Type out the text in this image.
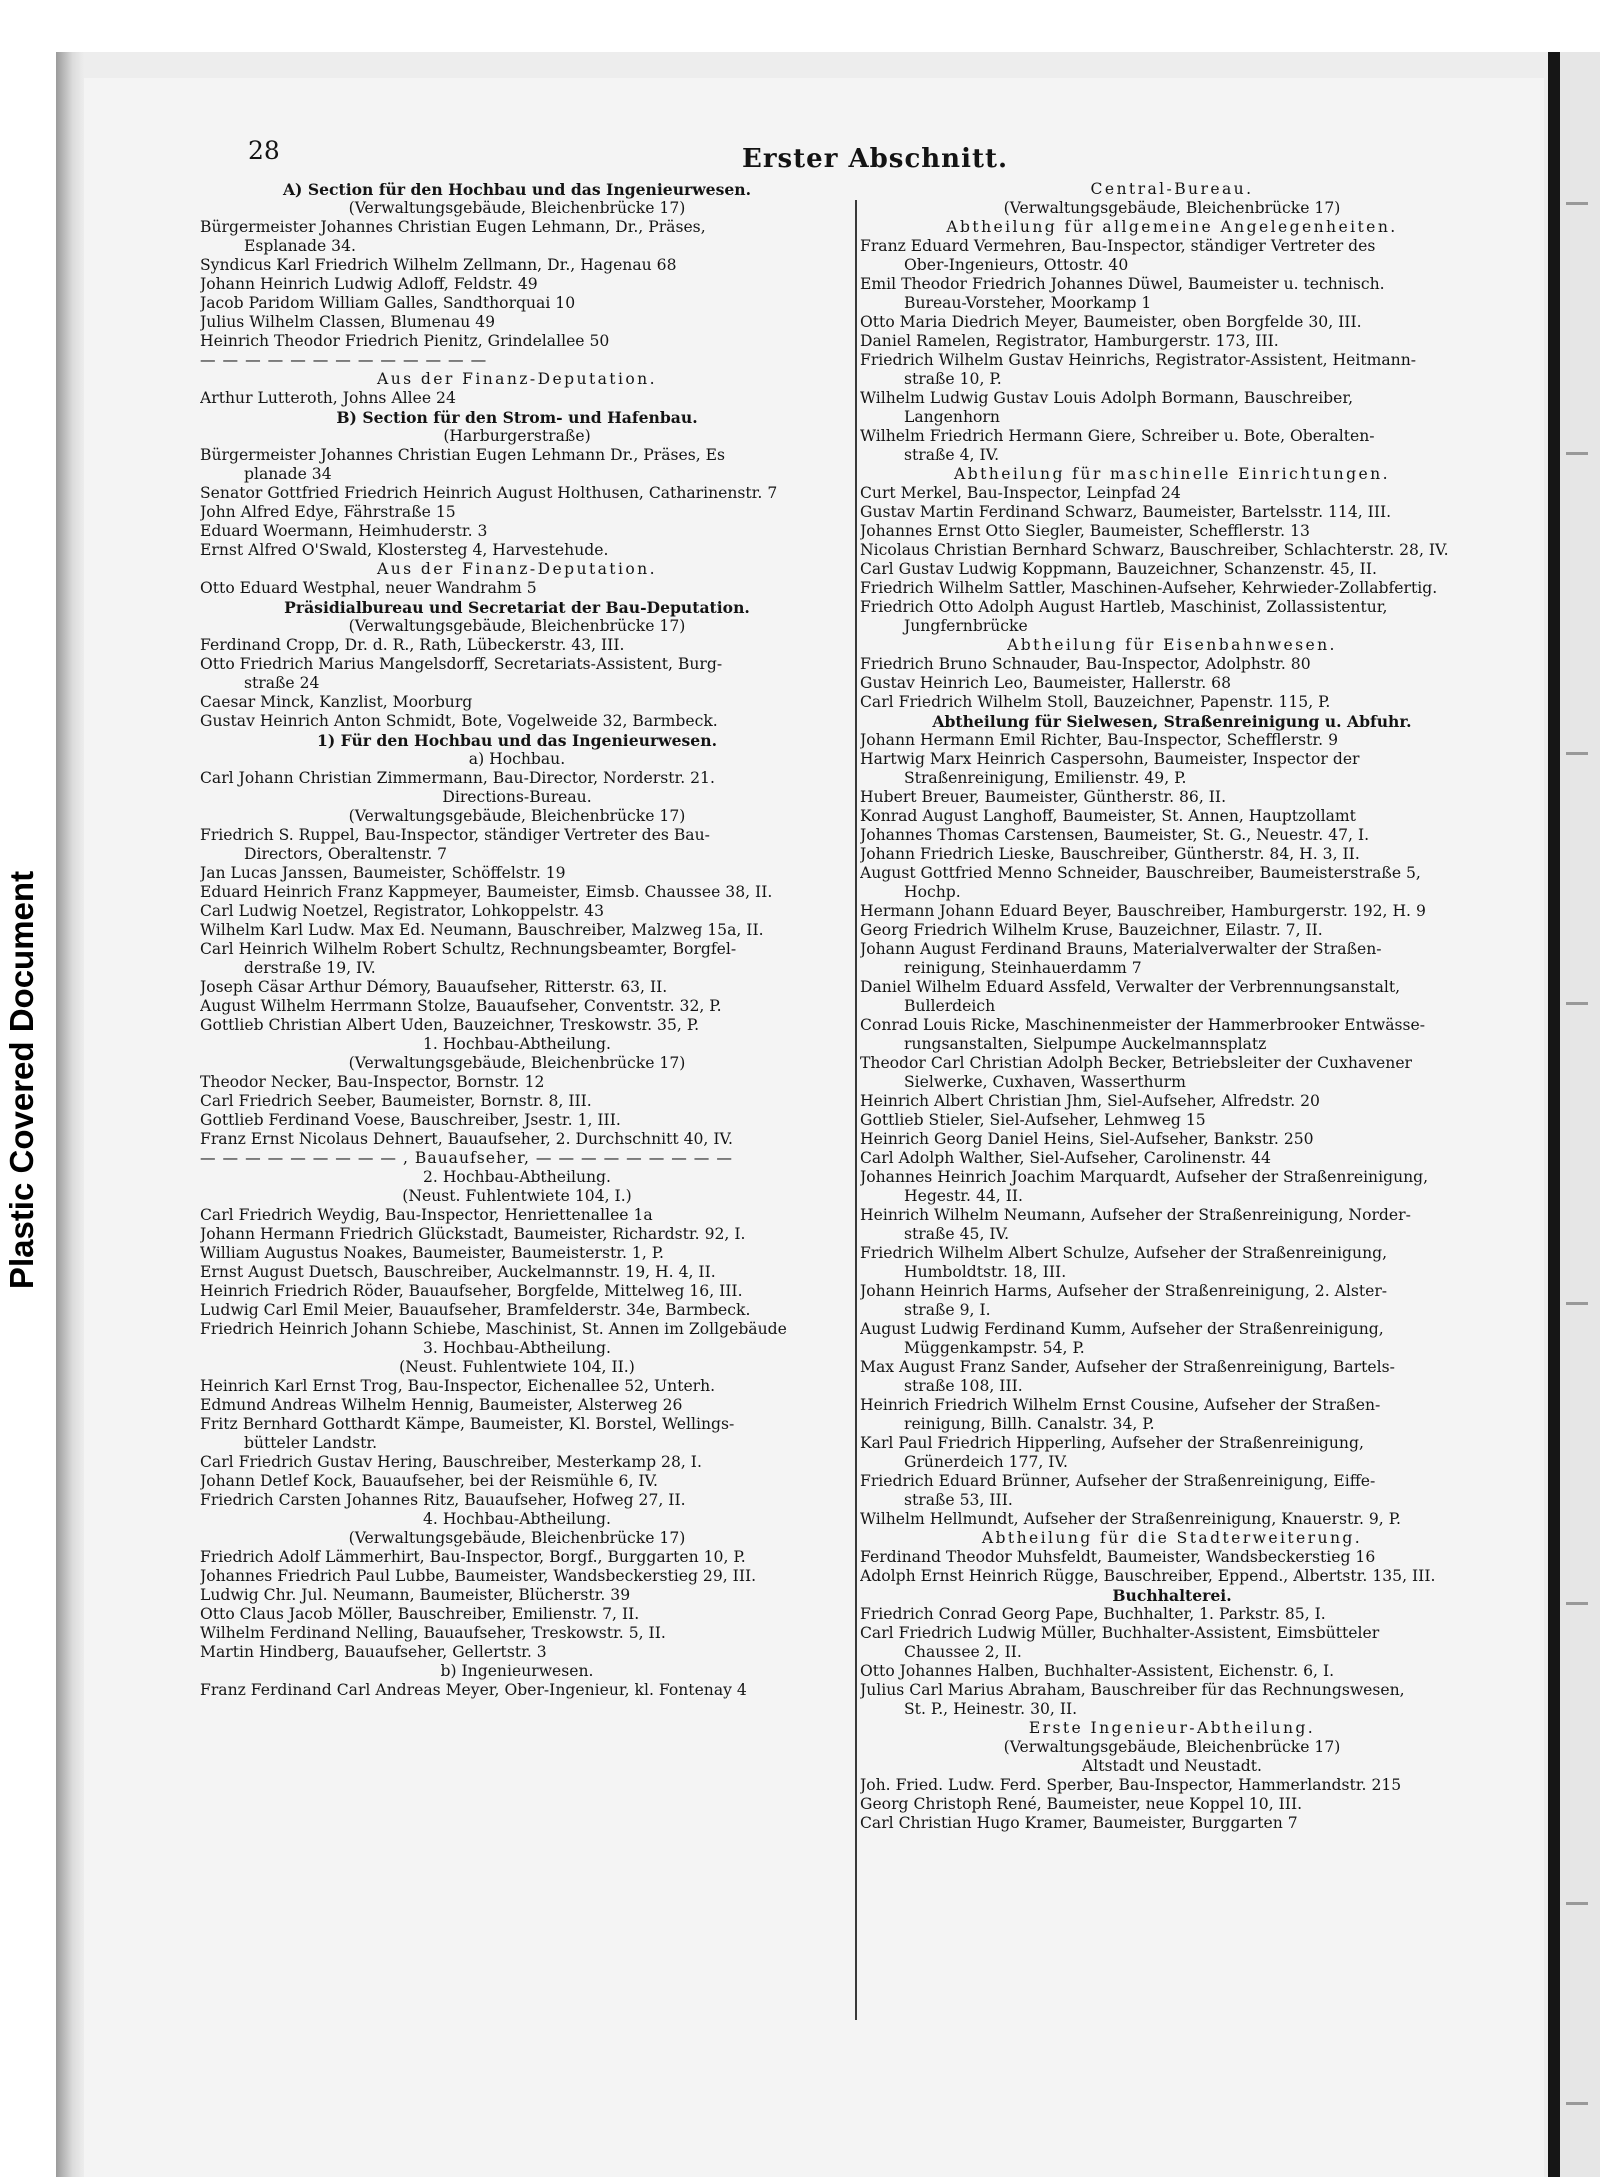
Plastic Covered Document
28	Erster Abschnitt.
A) Section für den Hochbau und das Ingenieurwesen.
(Verwaltungsgebäude, Bleichenbrücke 17)
Bürgermeister Johannes Christian Eugen Lehmann, Dr., Präses,
Esplanade 34.
Syndicus Karl Friedrich Wilhelm Zellmann, Dr., Hagenau 68
Johann Heinrich Ludwig Adloff, Feldstr. 49
Jacob Paridom William Galles, Sandthorquai 10
Julius Wilhelm Classen, Blumenau 49
Heinrich Theodor Friedrich Pienitz, Grindelallee 50
— — — — — — — — — — — — —
Aus der Finanz-Deputation.
Arthur Lutteroth, Johns Allee 24
B) Section für den Strom- und Hafenbau.
(Harburgerstraße)
Bürgermeister Johannes Christian Eugen Lehmann Dr., Präses, Es
planade 34
Senator Gottfried Friedrich Heinrich August Holthusen, Catharinenstr. 7
John Alfred Edye, Fährstraße 15
Eduard Woermann, Heimhuderstr. 3
Ernst Alfred O'Swald, Klostersteg 4, Harvestehude.
Aus der Finanz-Deputation.
Otto Eduard Westphal, neuer Wandrahm 5
Präsidialbureau und Secretariat der Bau-Deputation.
(Verwaltungsgebäude, Bleichenbrücke 17)
Ferdinand Cropp, Dr. d. R., Rath, Lübeckerstr. 43, III.
Otto Friedrich Marius Mangelsdorff, Secretariats-Assistent, Burg-
straße 24
Caesar Minck, Kanzlist, Moorburg
Gustav Heinrich Anton Schmidt, Bote, Vogelweide 32, Barmbeck.
1) Für den Hochbau und das Ingenieurwesen.
a) Hochbau.
Carl Johann Christian Zimmermann, Bau-Director, Norderstr. 21.
Directions-Bureau.
(Verwaltungsgebäude, Bleichenbrücke 17)
Friedrich S. Ruppel, Bau-Inspector, ständiger Vertreter des Bau-
Directors, Oberaltenstr. 7
Jan Lucas Janssen, Baumeister, Schöffelstr. 19
Eduard Heinrich Franz Kappmeyer, Baumeister, Eimsb. Chaussee 38, II.
Carl Ludwig Noetzel, Registrator, Lohkoppelstr. 43
Wilhelm Karl Ludw. Max Ed. Neumann, Bauschreiber, Malzweg 15a, II.
Carl Heinrich Wilhelm Robert Schultz, Rechnungsbeamter, Borgfel-
derstraße 19, IV.
Joseph Cäsar Arthur Démory, Bauaufseher, Ritterstr. 63, II.
August Wilhelm Herrmann Stolze, Bauaufseher, Conventstr. 32, P.
Gottlieb Christian Albert Uden, Bauzeichner, Treskowstr. 35, P.
1. Hochbau-Abtheilung.
(Verwaltungsgebäude, Bleichenbrücke 17)
Theodor Necker, Bau-Inspector, Bornstr. 12
Carl Friedrich Seeber, Baumeister, Bornstr. 8, III.
Gottlieb Ferdinand Voese, Bauschreiber, Jsestr. 1, III.
Franz Ernst Nicolaus Dehnert, Bauaufseher, 2. Durchschnitt 40, IV.
— — — — — — — — — , Bauaufseher, — — — — — — — — —
2. Hochbau-Abtheilung.
(Neust. Fuhlentwiete 104, I.)
Carl Friedrich Weydig, Bau-Inspector, Henriettenallee 1a
Johann Hermann Friedrich Glückstadt, Baumeister, Richardstr. 92, I.
William Augustus Noakes, Baumeister, Baumeisterstr. 1, P.
Ernst August Duetsch, Bauschreiber, Auckelmannstr. 19, H. 4, II.
Heinrich Friedrich Röder, Bauaufseher, Borgfelde, Mittelweg 16, III.
Ludwig Carl Emil Meier, Bauaufseher, Bramfelderstr. 34e, Barmbeck.
Friedrich Heinrich Johann Schiebe, Maschinist, St. Annen im Zollgebäude
3. Hochbau-Abtheilung.
(Neust. Fuhlentwiete 104, II.)
Heinrich Karl Ernst Trog, Bau-Inspector, Eichenallee 52, Unterh.
Edmund Andreas Wilhelm Hennig, Baumeister, Alsterweg 26
Fritz Bernhard Gotthardt Kämpe, Baumeister, Kl. Borstel, Wellings-
bütteler Landstr.
Carl Friedrich Gustav Hering, Bauschreiber, Mesterkamp 28, I.
Johann Detlef Kock, Bauaufseher, bei der Reismühle 6, IV.
Friedrich Carsten Johannes Ritz, Bauaufseher, Hofweg 27, II.
4. Hochbau-Abtheilung.
(Verwaltungsgebäude, Bleichenbrücke 17)
Friedrich Adolf Lämmerhirt, Bau-Inspector, Borgf., Burggarten 10, P.
Johannes Friedrich Paul Lubbe, Baumeister, Wandsbeckerstieg 29, III.
Ludwig Chr. Jul. Neumann, Baumeister, Blücherstr. 39
Otto Claus Jacob Möller, Bauschreiber, Emilienstr. 7, II.
Wilhelm Ferdinand Nelling, Bauaufseher, Treskowstr. 5, II.
Martin Hindberg, Bauaufseher, Gellertstr. 3
b) Ingenieurwesen.
Franz Ferdinand Carl Andreas Meyer, Ober-Ingenieur, kl. Fontenay 4
Central-Bureau.
(Verwaltungsgebäude, Bleichenbrücke 17)
Abtheilung für allgemeine Angelegenheiten.
Franz Eduard Vermehren, Bau-Inspector, ständiger Vertreter des
Ober-Ingenieurs, Ottostr. 40
Emil Theodor Friedrich Johannes Düwel, Baumeister u. technisch.
Bureau-Vorsteher, Moorkamp 1
Otto Maria Diedrich Meyer, Baumeister, oben Borgfelde 30, III.
Daniel Ramelen, Registrator, Hamburgerstr. 173, III.
Friedrich Wilhelm Gustav Heinrichs, Registrator-Assistent, Heitmann-
straße 10, P.
Wilhelm Ludwig Gustav Louis Adolph Bormann, Bauschreiber,
Langenhorn
Wilhelm Friedrich Hermann Giere, Schreiber u. Bote, Oberalten-
straße 4, IV.
Abtheilung für maschinelle Einrichtungen.
Curt Merkel, Bau-Inspector, Leinpfad 24
Gustav Martin Ferdinand Schwarz, Baumeister, Bartelsstr. 114, III.
Johannes Ernst Otto Siegler, Baumeister, Schefflerstr. 13
Nicolaus Christian Bernhard Schwarz, Bauschreiber, Schlachterstr. 28, IV.
Carl Gustav Ludwig Koppmann, Bauzeichner, Schanzenstr. 45, II.
Friedrich Wilhelm Sattler, Maschinen-Aufseher, Kehrwieder-Zollabfertig.
Friedrich Otto Adolph August Hartleb, Maschinist, Zollassistentur,
Jungfernbrücke
Abtheilung für Eisenbahnwesen.
Friedrich Bruno Schnauder, Bau-Inspector, Adolphstr. 80
Gustav Heinrich Leo, Baumeister, Hallerstr. 68
Carl Friedrich Wilhelm Stoll, Bauzeichner, Papenstr. 115, P.
Abtheilung für Sielwesen, Straßenreinigung u. Abfuhr.
Johann Hermann Emil Richter, Bau-Inspector, Schefflerstr. 9
Hartwig Marx Heinrich Caspersohn, Baumeister, Inspector der
Straßenreinigung, Emilienstr. 49, P.
Hubert Breuer, Baumeister, Güntherstr. 86, II.
Konrad August Langhoff, Baumeister, St. Annen, Hauptzollamt
Johannes Thomas Carstensen, Baumeister, St. G., Neuestr. 47, I.
Johann Friedrich Lieske, Bauschreiber, Güntherstr. 84, H. 3, II.
August Gottfried Menno Schneider, Bauschreiber, Baumeisterstraße 5,
Hochp.
Hermann Johann Eduard Beyer, Bauschreiber, Hamburgerstr. 192, H. 9
Georg Friedrich Wilhelm Kruse, Bauzeichner, Eilastr. 7, II.
Johann August Ferdinand Brauns, Materialverwalter der Straßen-
reinigung, Steinhauerdamm 7
Daniel Wilhelm Eduard Assfeld, Verwalter der Verbrennungsanstalt,
Bullerdeich
Conrad Louis Ricke, Maschinenmeister der Hammerbrooker Entwässe-
rungsanstalten, Sielpumpe Auckelmannsplatz
Theodor Carl Christian Adolph Becker, Betriebsleiter der Cuxhavener
Sielwerke, Cuxhaven, Wasserthurm
Heinrich Albert Christian Jhm, Siel-Aufseher, Alfredstr. 20
Gottlieb Stieler, Siel-Aufseher, Lehmweg 15
Heinrich Georg Daniel Heins, Siel-Aufseher, Bankstr. 250
Carl Adolph Walther, Siel-Aufseher, Carolinenstr. 44
Johannes Heinrich Joachim Marquardt, Aufseher der Straßenreinigung,
Hegestr. 44, II.
Heinrich Wilhelm Neumann, Aufseher der Straßenreinigung, Norder-
straße 45, IV.
Friedrich Wilhelm Albert Schulze, Aufseher der Straßenreinigung,
Humboldtstr. 18, III.
Johann Heinrich Harms, Aufseher der Straßenreinigung, 2. Alster-
straße 9, I.
August Ludwig Ferdinand Kumm, Aufseher der Straßenreinigung,
Müggenkampstr. 54, P.
Max August Franz Sander, Aufseher der Straßenreinigung, Bartels-
straße 108, III.
Heinrich Friedrich Wilhelm Ernst Cousine, Aufseher der Straßen-
reinigung, Billh. Canalstr. 34, P.
Karl Paul Friedrich Hipperling, Aufseher der Straßenreinigung,
Grünerdeich 177, IV.
Friedrich Eduard Brünner, Aufseher der Straßenreinigung, Eiffe-
straße 53, III.
Wilhelm Hellmundt, Aufseher der Straßenreinigung, Knauerstr. 9, P.
Abtheilung für die Stadterweiterung.
Ferdinand Theodor Muhsfeldt, Baumeister, Wandsbeckerstieg 16
Adolph Ernst Heinrich Rügge, Bauschreiber, Eppend., Albertstr. 135, III.
Buchhalterei.
Friedrich Conrad Georg Pape, Buchhalter, 1. Parkstr. 85, I.
Carl Friedrich Ludwig Müller, Buchhalter-Assistent, Eimsbütteler
Chaussee 2, II.
Otto Johannes Halben, Buchhalter-Assistent, Eichenstr. 6, I.
Julius Carl Marius Abraham, Bauschreiber für das Rechnungswesen,
St. P., Heinestr. 30, II.
Erste Ingenieur-Abtheilung.
(Verwaltungsgebäude, Bleichenbrücke 17)
Altstadt und Neustadt.
Joh. Fried. Ludw. Ferd. Sperber, Bau-Inspector, Hammerlandstr. 215
Georg Christoph René, Baumeister, neue Koppel 10, III.
Carl Christian Hugo Kramer, Baumeister, Burggarten 7
